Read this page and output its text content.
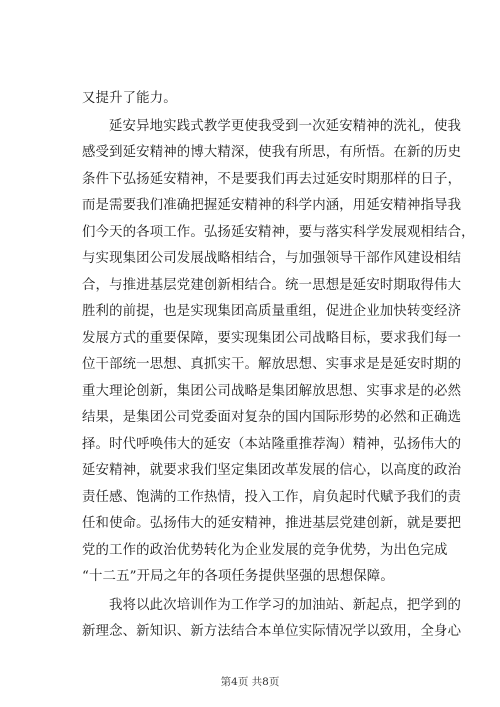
又提升了能力。
延安异地实践式教学更使我受到一次延安精神的洗礼，使我
感受到延安精神的博大精深，使我有所思，有所悟。在新的历史
条件下弘扬延安精神，不是要我们再去过延安时期那样的日子，
而是需要我们准确把握延安精神的科学内涵，用延安精神指导我
们今天的各项工作。弘扬延安精神，要与落实科学发展观相结合，
与实现集团公司发展战略相结合，与加强领导干部作风建设相结
合，与推进基层党建创新相结合。统一思想是延安时期取得伟大
胜利的前提，也是实现集团高质量重组，促进企业加快转变经济
发展方式的重要保障，要实现集团公司战略目标，要求我们每一
位干部统一思想、真抓实干。解放思想、实事求是是延安时期的
重大理论创新，集团公司战略是集团解放思想、实事求是的必然
结果，是集团公司党委面对复杂的国内国际形势的必然和正确选
择。时代呼唤伟大的延安（本站隆重推荐淘）精神，弘扬伟大的
延安精神，就要求我们坚定集团改革发展的信心，以高度的政治
责任感、饱满的工作热情，投入工作，肩负起时代赋予我们的责
任和使命。弘扬伟大的延安精神，推进基层党建创新，就是要把
党的工作的政治优势转化为企业发展的竞争优势，为出色完成
“十二五”开局之年的各项任务提供坚强的思想保障。
我将以此次培训作为工作学习的加油站、新起点，把学到的
新理念、新知识、新方法结合本单位实际情况学以致用，全身心
第4页 共8页
